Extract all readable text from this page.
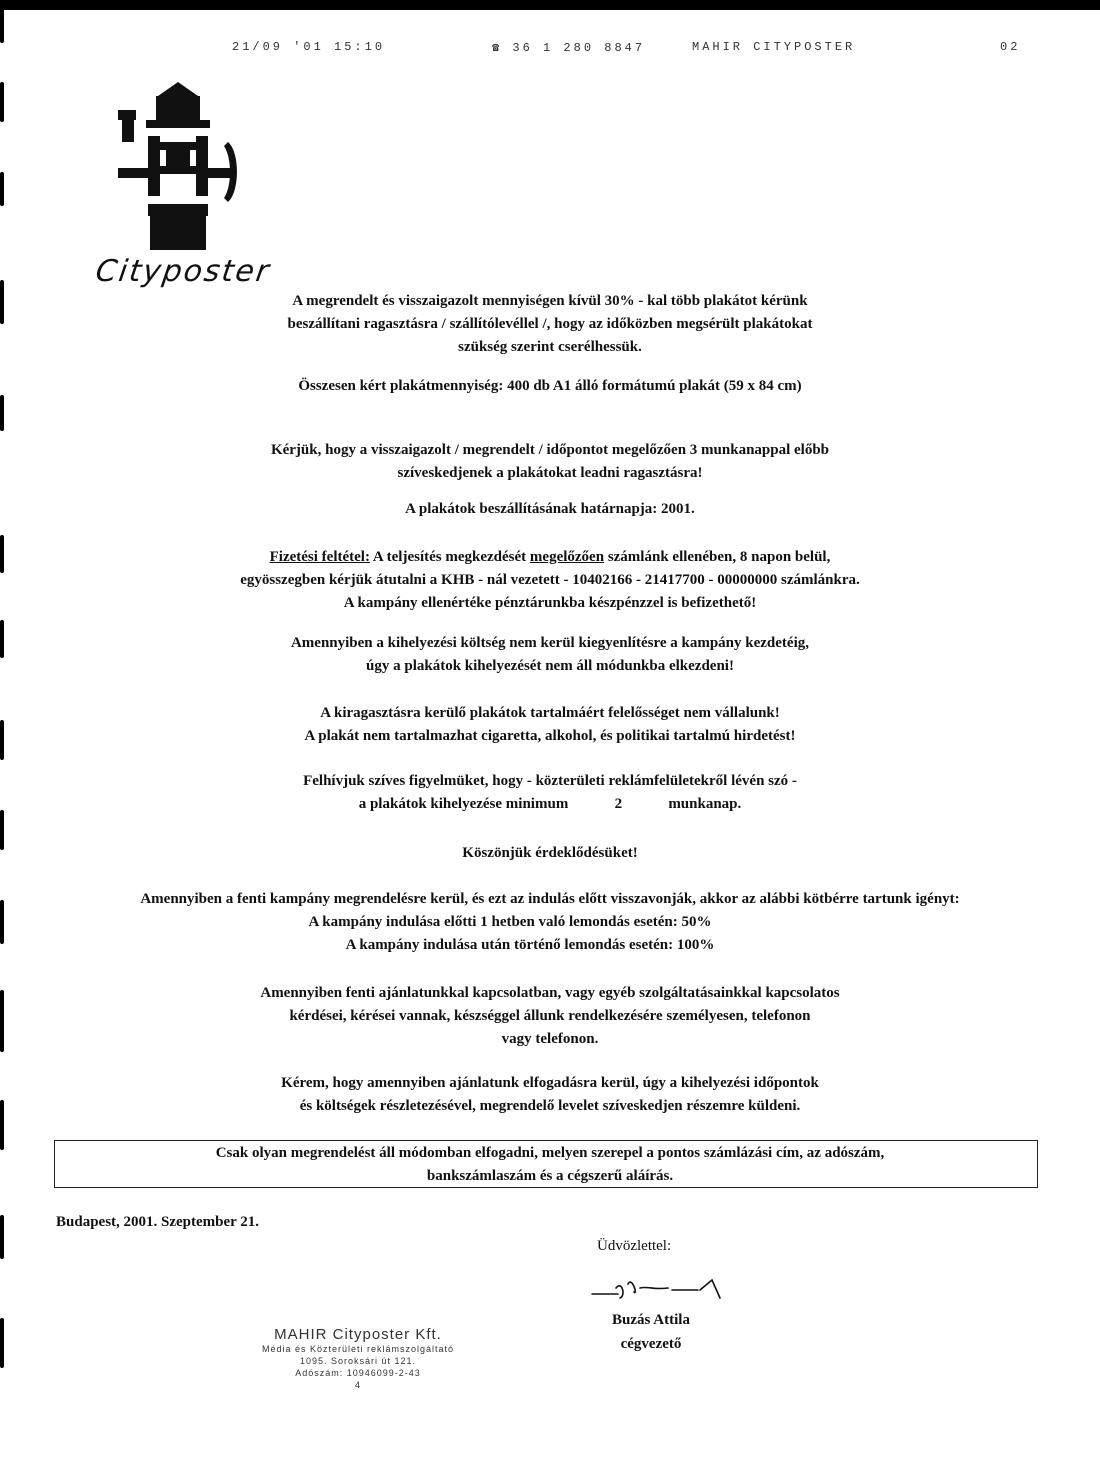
21/09 '01 15:10	☎ 36 1 280 8847	MAHIR CITYPOSTER	02
Cityposter
A megrendelt és visszaigazolt mennyiségen kívül 30% - kal több plakátot kérünk
beszállítani ragasztásra / szállítólevéllel /, hogy az időközben megsérült plakátokat
szükség szerint cserélhessük.
Összesen kért plakátmennyiség: 400 db A1 álló formátumú plakát (59 x 84 cm)
Kérjük, hogy a visszaigazolt / megrendelt / időpontot megelőzően 3 munkanappal előbb
szíveskedjenek a plakátokat leadni ragasztásra!
A plakátok beszállításának határnapja: 2001.
Fizetési feltétel: A teljesítés megkezdését megelőzően számlánk ellenében, 8 napon belül,
egyösszegben kérjük átutalni a KHB - nál vezetett - 10402166 - 21417700 - 00000000 számlánkra.
A kampány ellenértéke pénztárunkba készpénzzel is befizethető!
Amennyiben a kihelyezési költség nem kerül kiegyenlítésre a kampány kezdetéig,
úgy a plakátok kihelyezését nem áll módunkba elkezdeni!
A kiragasztásra kerülő plakátok tartalmáért felelősséget nem vállalunk!
A plakát nem tartalmazhat cigaretta, alkohol, és politikai tartalmú hirdetést!
Felhívjuk szíves figyelmüket, hogy - közterületi reklámfelületekről lévén szó -
a plakátok kihelyezése minimum	2	munkanap.
Köszönjük érdeklődésüket!
Amennyiben a fenti kampány megrendelésre kerül, és ezt az indulás előtt visszavonják, akkor az alábbi kötbérre tartunk igényt:
A kampány indulása előtti 1 hetben való lemondás esetén: 50%
A kampány indulása után történő lemondás esetén: 100%
Amennyiben fenti ajánlatunkkal kapcsolatban, vagy egyéb szolgáltatásainkkal kapcsolatos
kérdései, kérései vannak, készséggel állunk rendelkezésére személyesen, telefonon
vagy telefonon.
Kérem, hogy amennyiben ajánlatunk elfogadásra kerül, úgy a kihelyezési időpontok
és költségek részletezésével, megrendelő levelet szíveskedjen részemre küldeni.
Csak olyan megrendelést áll módomban elfogadni, melyen szerepel a pontos számlázási cím, az adószám,
bankszámlaszám és a cégszerű aláírás.
Budapest, 2001. Szeptember 21.
Üdvözlettel:
Buzás Attila
cégvezető
MAHIR Cityposter Kft.
Média és Közterületi reklámszolgáltató
1095. Soroksári út 121.
Adószám: 10946099-2-43
4
